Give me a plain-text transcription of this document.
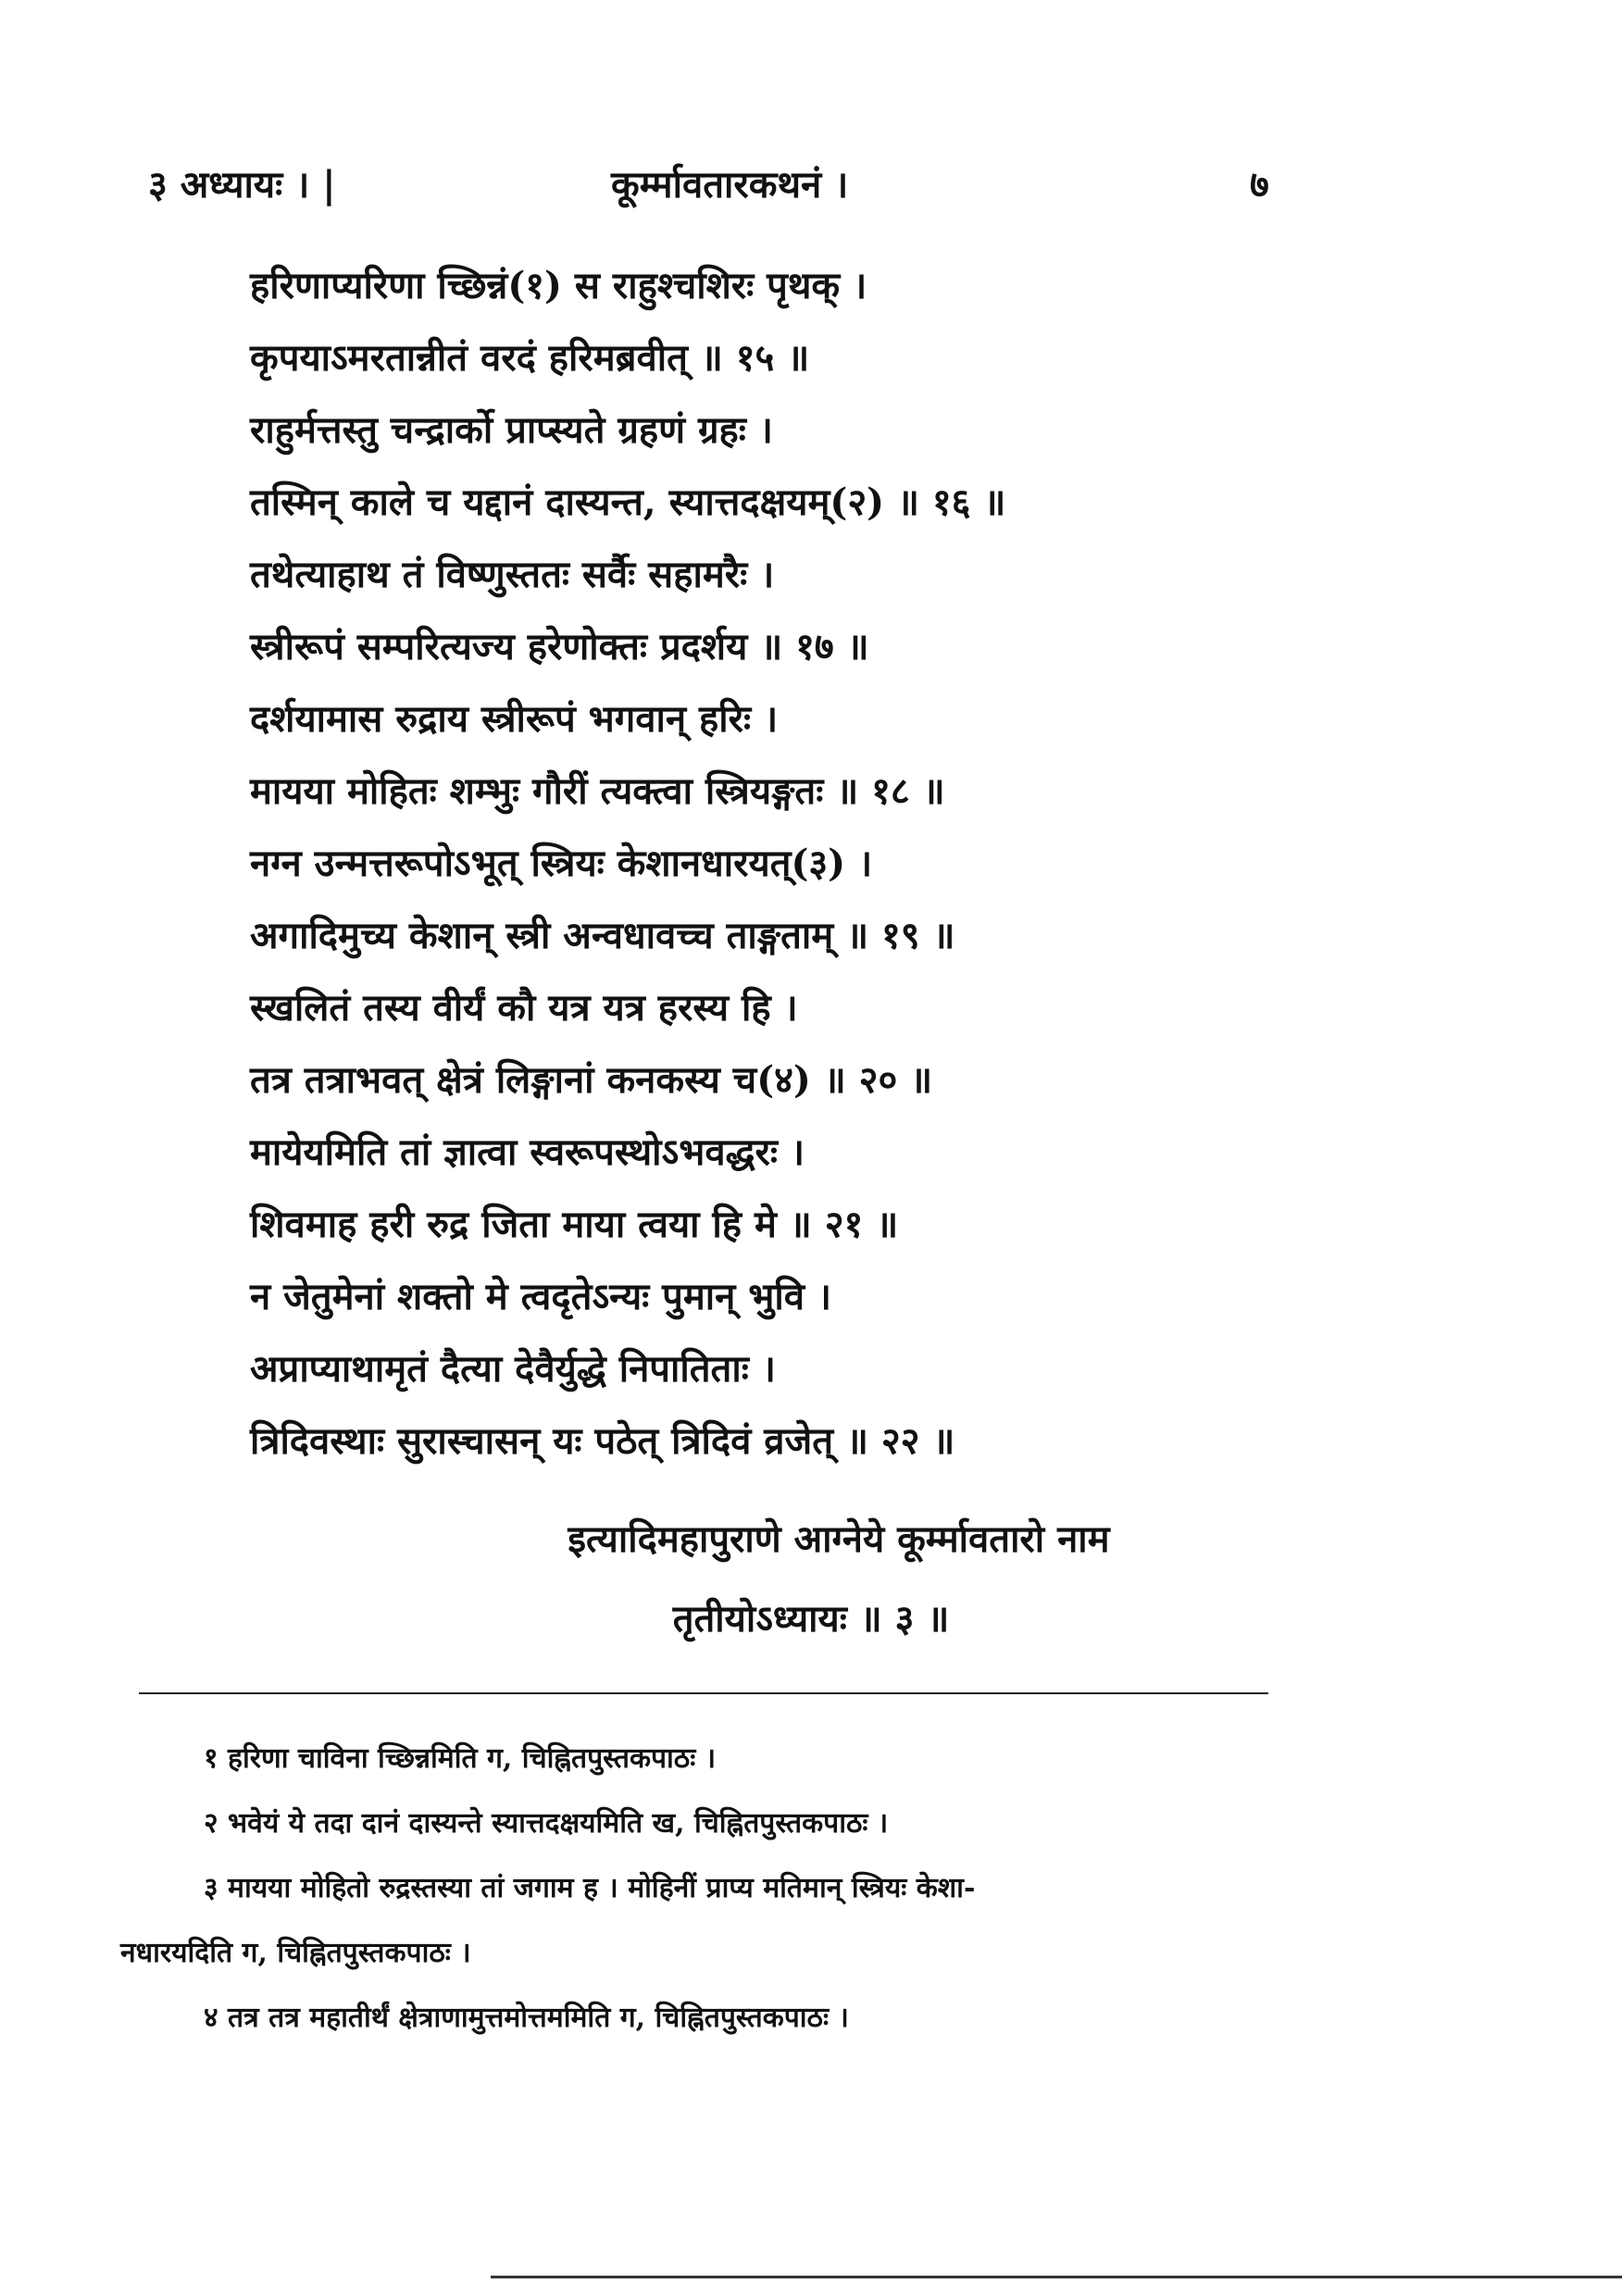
३ अध्यायः । |	कूर्म्मावतारकथनं ।	७
हरिणाप्यरिणा च्छिन्नं(१) स राहुश्चशिरः पृथक् ।
कृपयाऽमरतान्नीतं वरदं हरिमब्रवीत् ॥ १५ ॥
राहुर्मत्तस्तु चन्द्रार्को प्राप्स्यते ग्रहणं ग्रहः ।
तस्मिन् काले च यद्दानं दास्यन्त, स्यात्तदक्षयम्(२) ॥ १६ ॥
तथेत्याहाथ तं विष्णुस्ततः सर्वैः सहामरैः ।
स्त्रीरूपं सम्परित्यज्य हरेणोक्तः प्रदर्शय ॥ १७ ॥
दर्शयामास रुद्राय स्त्रीरूपं भगवान् हरिः ।
मायया मोहितः शम्भुः गौरीं त्यक्त्वा स्त्रियङ्गतः ॥ १८ ॥
नग्न उन्मत्तरूपोऽभूत् स्त्रियः केशानधारयत्(३) ।
अगादिमुच्य केशान् स्त्री अन्वधावच्च ताङ्गताम् ॥ १९ ॥
स्खलितं तस्य वीर्यं कौ यत्र यत्र हरस्य हि ।
तत्र तत्राभवत् क्षेत्रं लिङ्गानां कनकस्य च(४) ॥ २० ॥
मायेयमिति तां ज्ञात्वा स्वरूपस्थोऽभवद्धरः ।
शिवमाह हरी रुद्र जिता माया त्वया हि मे ॥ २१ ॥
न जेतुमेनां शक्तो मे त्वदृतेऽन्यः पुमान् भुवि ।
अप्राप्याथामृतं दैत्या देवैर्युद्धे निपातिताः ।
त्रिदिवस्थाः सुरास्चासन् यः पठेत् त्रिदिवं व्रजेत् ॥ २२ ॥
इत्यादिमहापुराणे आग्नेये कूर्म्मावतारो नाम
तृतीयोऽध्यायः ॥ ३ ॥
१ हरिणा चाविना च्छिन्नमिति ग, चिह्नितपुस्तकपाठः ।
२ भवेयं ये तदा दानं दास्यन्ते स्यात्तदक्षयमिति ख, चिह्नितपुस्तकपाठः ।
३ मायया मोहितो रुद्रस्तस्या तां जगाम ह । मोहिनीं प्राप्य मतिमान् स्त्रियः केशा-
नधारयदिति ग, चिह्नितपुस्तकपाठः ।
४ तत्र तत्र महातीर्थं क्षेत्राणामुत्तमोत्तममिति ग, चिह्नितपुस्तकपाठः ।
